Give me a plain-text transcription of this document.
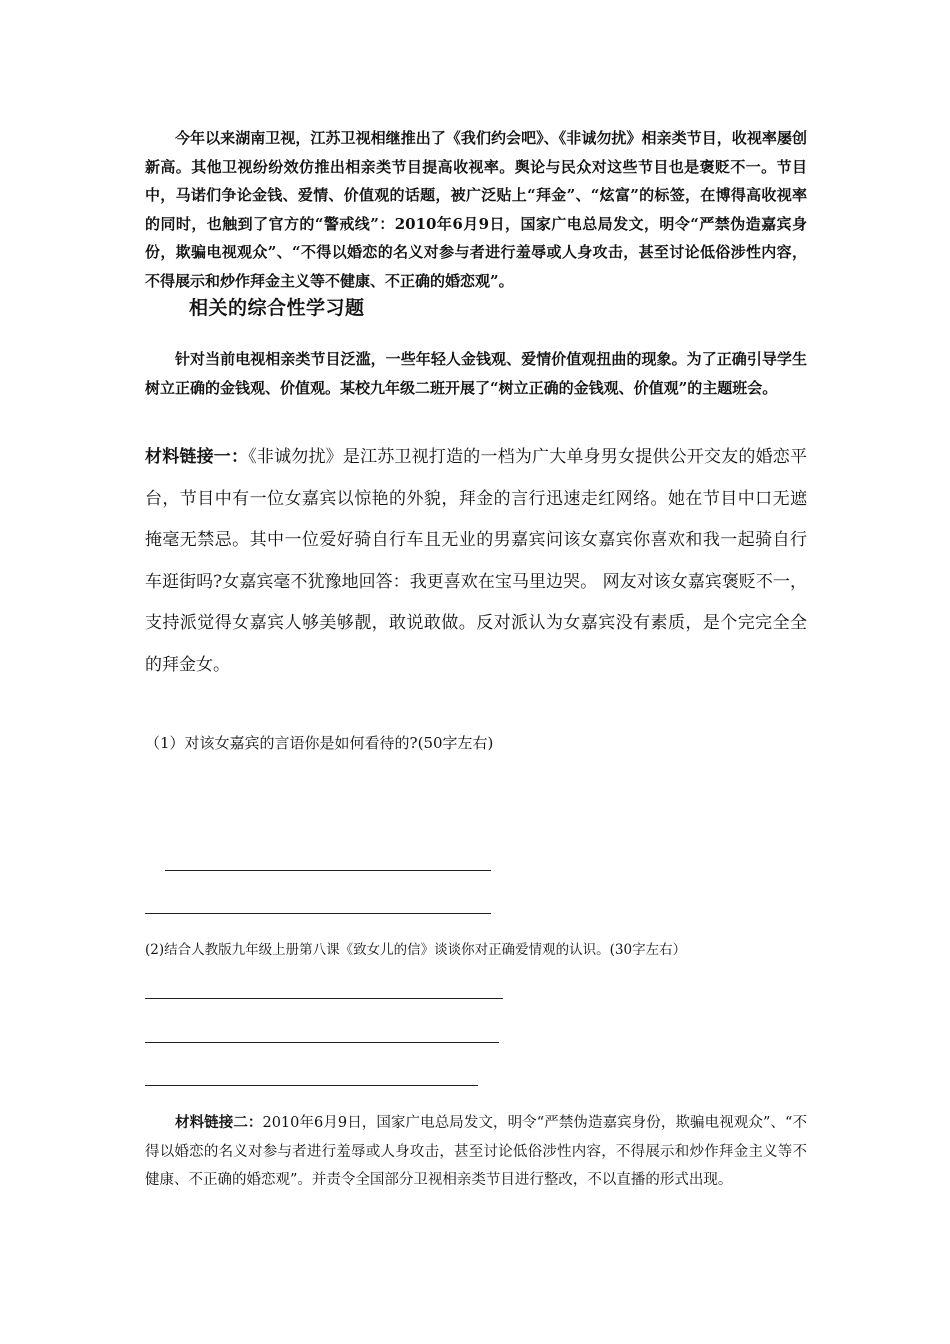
今年以来湖南卫视，江苏卫视相继推出了《我们约会吧》、《非诚勿扰》相亲类节目，收视率屡创新高。其他卫视纷纷效仿推出相亲类节目提高收视率。舆论与民众对这些节目也是褒贬不一。节目中，马诺们争论金钱、爱情、价值观的话题，被广泛贴上“拜金”、“炫富”的标签，在博得高收视率的同时，也触到了官方的“警戒线”：2010年6月9日，国家广电总局发文，明令“严禁伪造嘉宾身份，欺骗电视观众”、“不得以婚恋的名义对参与者进行羞辱或人身攻击，甚至讨论低俗涉性内容，不得展示和炒作拜金主义等不健康、不正确的婚恋观”。
相关的综合性学习题
针对当前电视相亲类节目泛滥，一些年轻人金钱观、爱情价值观扭曲的现象。为了正确引导学生树立正确的金钱观、价值观。某校九年级二班开展了“树立正确的金钱观、价值观”的主题班会。
材料链接一：《非诚勿扰》是江苏卫视打造的一档为广大单身男女提供公开交友的婚恋平台，节目中有一位女嘉宾以惊艳的外貌，拜金的言行迅速走红网络。她在节目中口无遮掩毫无禁忌。其中一位爱好骑自行车且无业的男嘉宾问该女嘉宾你喜欢和我一起骑自行车逛街吗?女嘉宾毫不犹豫地回答：我更喜欢在宝马里边哭。 网友对该女嘉宾褒贬不一，支持派觉得女嘉宾人够美够靓，敢说敢做。反对派认为女嘉宾没有素质，是个完完全全的拜金女。
（1）对该女嘉宾的言语你是如何看待的?(50字左右)
(2)结合人教版九年级上册第八课《致女儿的信》谈谈你对正确爱情观的认识。(30字左右）
材料链接二：2010年6月9日，国家广电总局发文，明令“严禁伪造嘉宾身份，欺骗电视观众”、“不得以婚恋的名义对参与者进行羞辱或人身攻击，甚至讨论低俗涉性内容，不得展示和炒作拜金主义等不健康、不正确的婚恋观”。并责令全国部分卫视相亲类节目进行整改，不以直播的形式出现。
